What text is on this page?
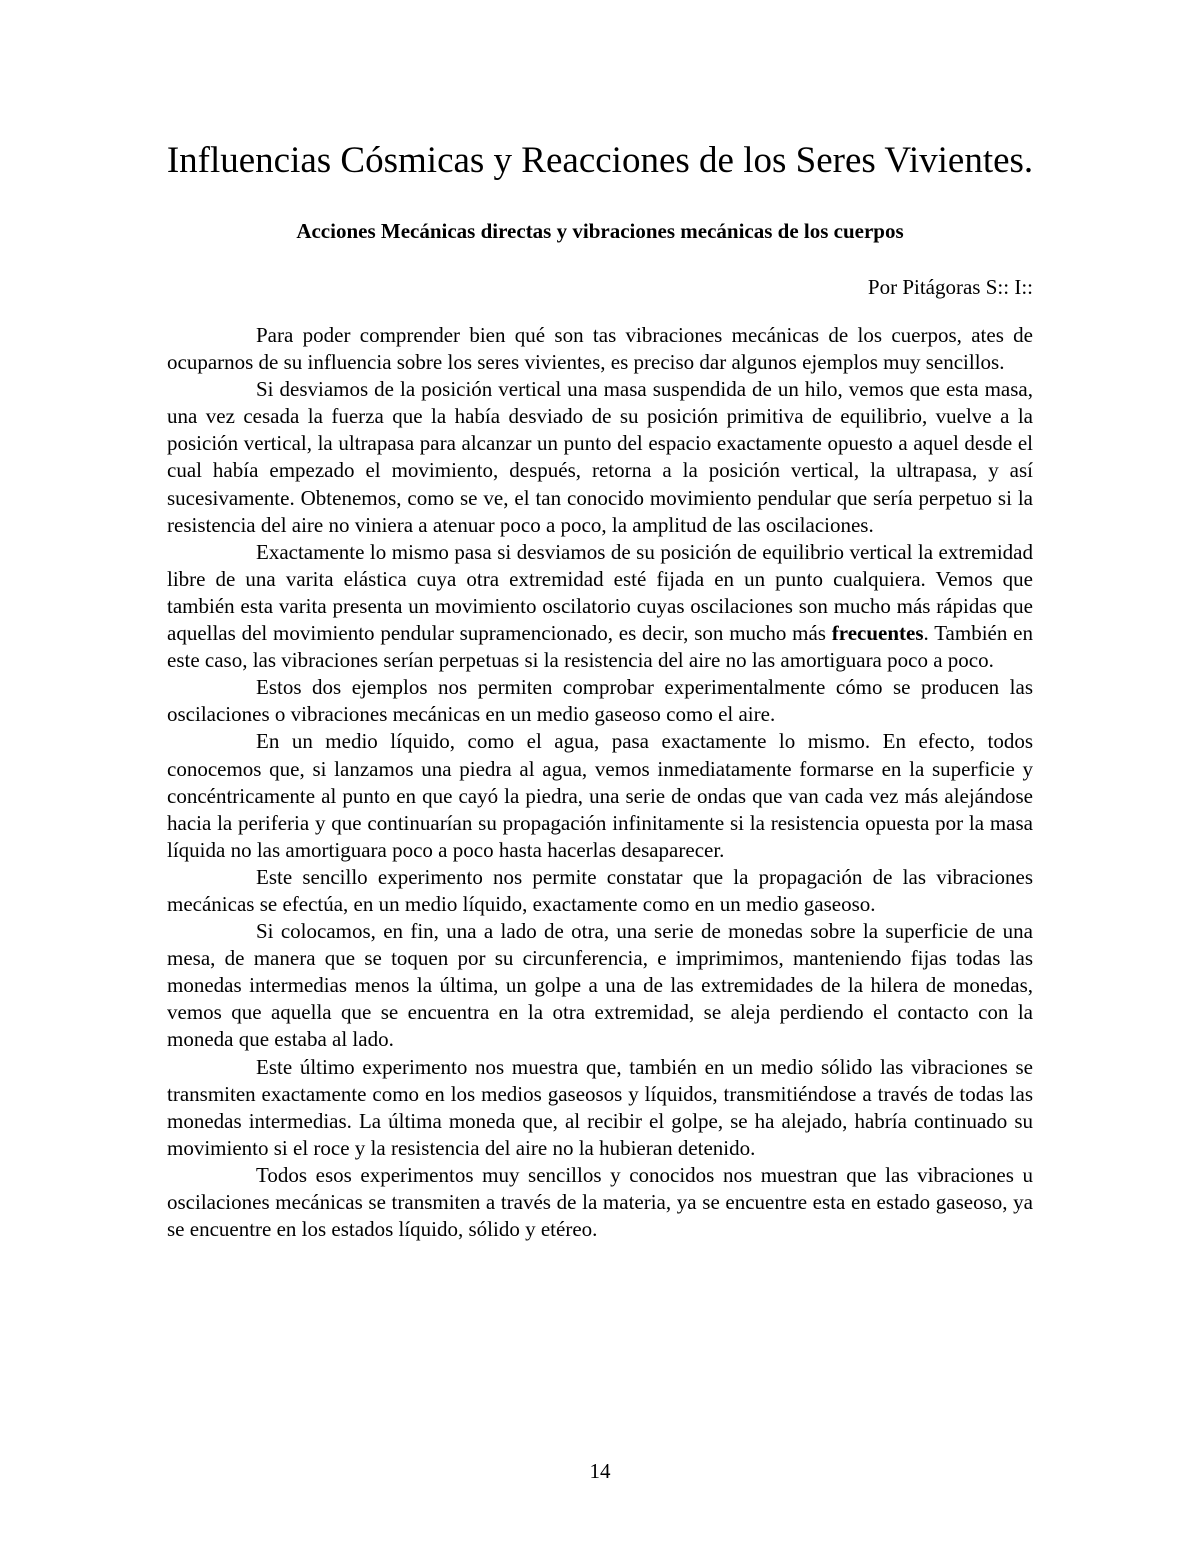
Influencias Cósmicas y Reacciones de los Seres Vivientes.
Acciones Mecánicas directas y vibraciones mecánicas de los cuerpos
Por Pitágoras S:: I::

Para poder comprender bien qué son tas vibraciones mecánicas de los cuerpos, ates de ocuparnos de su influencia sobre los seres vivientes, es preciso dar algunos ejemplos muy sencillos.

Si desviamos de la posición vertical una masa suspendida de un hilo, vemos que esta masa, una vez cesada la fuerza que la había desviado de su posición primitiva de equilibrio, vuelve a la posición vertical, la ultrapasa para alcanzar un punto del espacio exactamente opuesto a aquel desde el cual había empezado el movimiento, después, retorna a la posición vertical, la ultrapasa, y así sucesivamente. Obtenemos, como se ve, el tan conocido movimiento pendular que sería perpetuo si la resistencia del aire no viniera a atenuar poco a poco, la amplitud de las oscilaciones.

Exactamente lo mismo pasa si desviamos de su posición de equilibrio vertical la extremidad libre de una varita elástica cuya otra extremidad esté fijada en un punto cualquiera. Vemos que también esta varita presenta un movimiento oscilatorio cuyas oscilaciones son mucho más rápidas que aquellas del movimiento pendular supramencionado, es decir, son mucho más frecuentes. También en este caso, las vibraciones serían perpetuas si la resistencia del aire no las amortiguara poco a poco.

Estos dos ejemplos nos permiten comprobar experimentalmente cómo se producen las oscilaciones o vibraciones mecánicas en un medio gaseoso como el aire.

En un medio líquido, como el agua, pasa exactamente lo mismo. En efecto, todos conocemos que, si lanzamos una piedra al agua, vemos inmediatamente formarse en la superficie y concéntricamente al punto en que cayó la piedra, una serie de ondas que van cada vez más alejándose hacia la periferia y que continuarían su propagación infinitamente si la resistencia opuesta por la masa líquida no las amortiguara poco a poco hasta hacerlas desaparecer.

Este sencillo experimento nos permite constatar que la propagación de las vibraciones mecánicas se efectúa, en un medio líquido, exactamente como en un medio gaseoso.

Si colocamos, en fin, una a lado de otra, una serie de monedas sobre la superficie de una mesa, de manera que se toquen por su circunferencia, e imprimimos, manteniendo fijas todas las monedas intermedias menos la última, un golpe a una de las extremidades de la hilera de monedas, vemos que aquella que se encuentra en la otra extremidad, se aleja perdiendo el contacto con la moneda que estaba al lado.

Este último experimento nos muestra que, también en un medio sólido las vibraciones se transmiten exactamente como en los medios gaseosos y líquidos, transmitiéndose a través de todas las monedas intermedias. La última moneda que, al recibir el golpe, se ha alejado, habría continuado su movimiento si el roce y la resistencia del aire no la hubieran detenido.

Todos esos experimentos muy sencillos y conocidos nos muestran que las vibraciones u oscilaciones mecánicas se transmiten a través de la materia, ya se encuentre esta en estado gaseoso, ya se encuentre en los estados líquido, sólido y etéreo.

14
